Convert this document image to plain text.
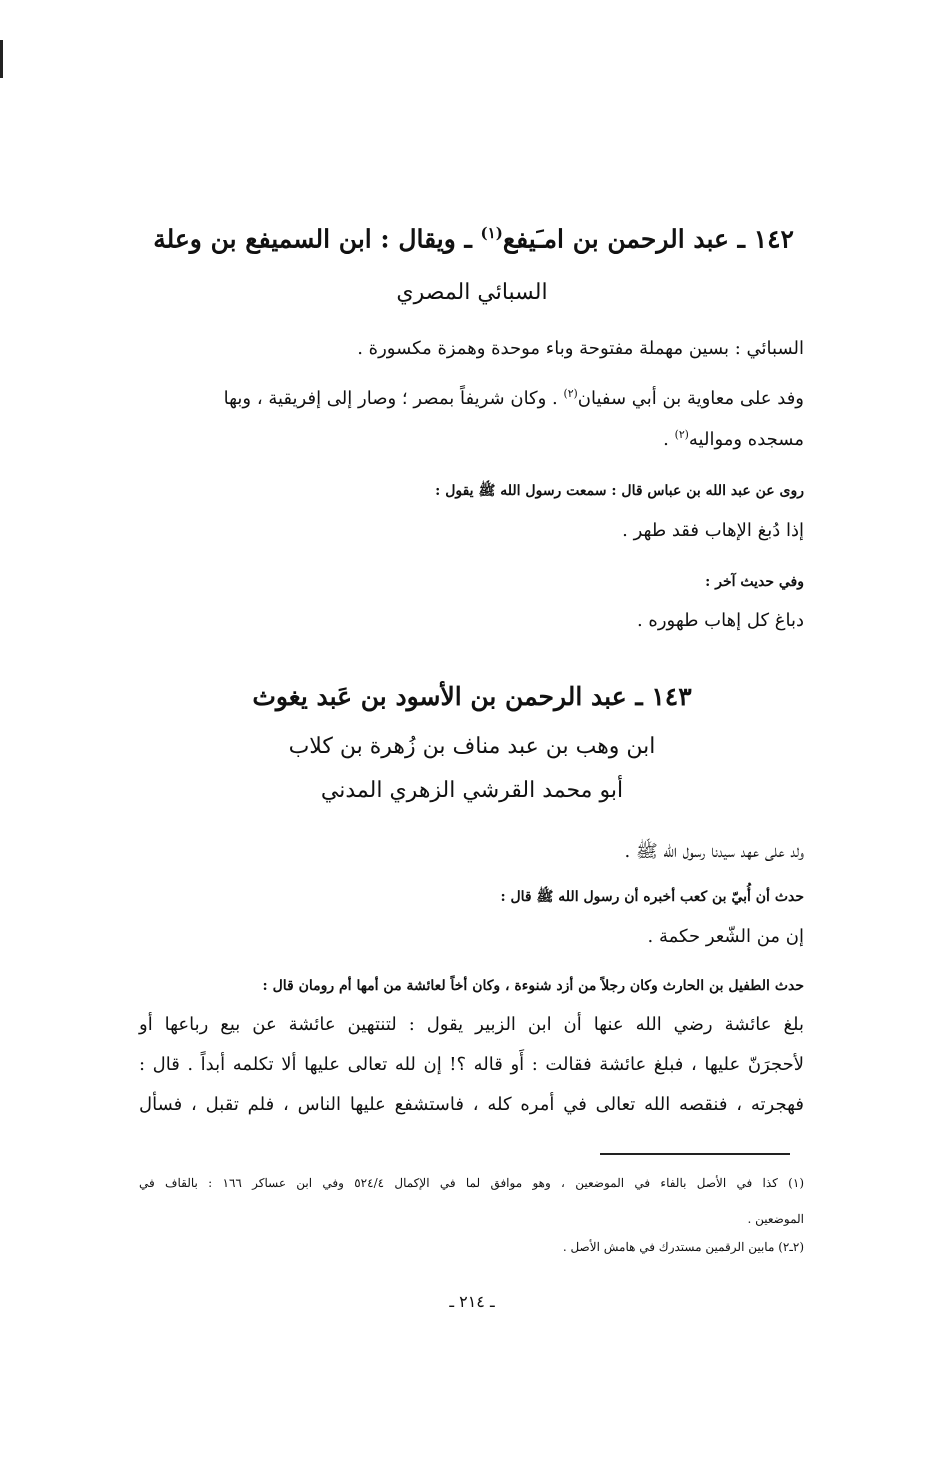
١٤٢ ـ عبد الرحمن بن امـَيفع$^{(١)}$ ـ ويقال : ابن السميفع بن وعلة
السبائي المصري
السبائي : بسين مهملة مفتوحة وباء موحدة وهمزة مكسورة .
وفد على معاوية بن أبي سفيان$^{(٢)}$ . وكان شريفاً بمصر ؛ وصار إلى إفريقية ، وبها
مسجده ومواليه$^{(٢)}$ .
روى عن عبد الله بن عباس قال : سمعت رسول الله ﷺ يقول :
إذا دُبغ الإهاب فقد طهر .
وفي حديث آخر :
دباغ كل إهاب طهوره .
١٤٣ ـ عبد الرحمن بن الأسود بن عَبد يغوث
ابن وهب بن عبد مناف بن زُهرة بن كلاب
أبو محمد القرشي الزهري المدني
ولد على عهد سيدنا رسول الله ﷺ .
حدث أن أُبيّ بن كعب أخبره أن رسول الله ﷺ قال :
إن من الشّعر حكمة .
حدث الطفيل بن الحارث وكان رجلاً من أزد شنوءة ، وكان أخاً لعائشة من أمها أم رومان قال :
بلغ عائشة رضي الله عنها أن ابن الزبير يقول : لتنتهين عائشة عن بيع رباعها أو
لأحجرَنّ عليها ، فبلغ عائشة فقالت : أَو قاله ؟! إن لله تعالى عليها ألا تكلمه أبداً . قال :
فهجرته ، فنقصه الله تعالى في أمره كله ، فاستشفع عليها الناس ، فلم تقبل ، فسأل
(١) كذا في الأصل بالفاء في الموضعين ، وهو موافق لما في الإكمال ٥٢٤/٤ وفي ابن عساكر ١٦٦ : بالقاف في
الموضعين .
(٢ـ٢) مابين الرقمين مستدرك في هامش الأصل .
ـ ٢١٤ ـ
